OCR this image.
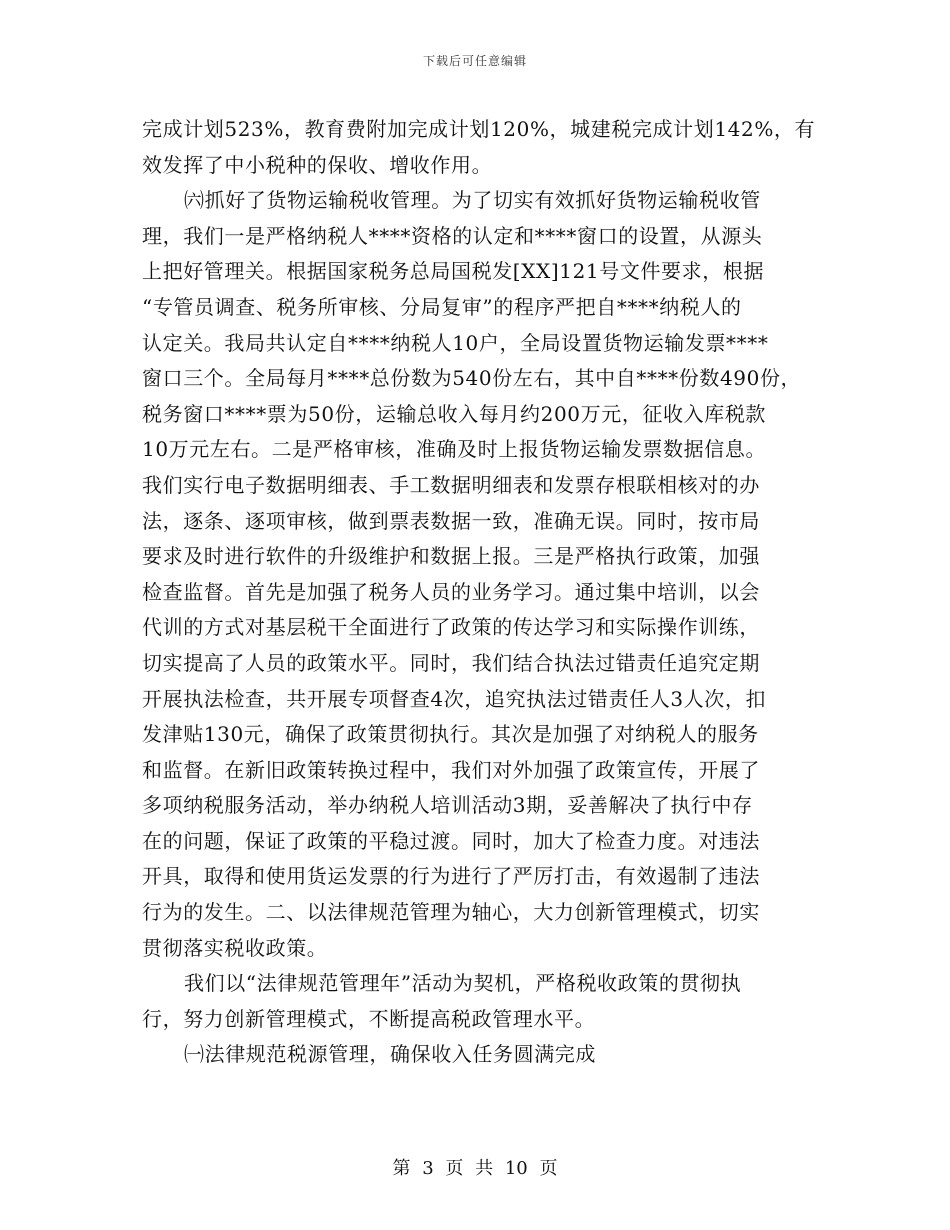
下载后可任意编辑
完成计划523%，教育费附加完成计划120%，城建税完成计划142%，有
效发挥了中小税种的保收、增收作用。
㈥抓好了货物运输税收管理。为了切实有效抓好货物运输税收管
理，我们一是严格纳税人****资格的认定和****窗口的设置，从源头
上把好管理关。根据国家税务总局国税发[XX]121号文件要求，根据
“专管员调查、税务所审核、分局复审”的程序严把自****纳税人的
认定关。我局共认定自****纳税人10户，全局设置货物运输发票****
窗口三个。全局每月****总份数为540份左右，其中自****份数490份，
税务窗口****票为50份，运输总收入每月约200万元，征收入库税款
10万元左右。二是严格审核，准确及时上报货物运输发票数据信息。
我们实行电子数据明细表、手工数据明细表和发票存根联相核对的办
法，逐条、逐项审核，做到票表数据一致，准确无误。同时，按市局
要求及时进行软件的升级维护和数据上报。三是严格执行政策，加强
检查监督。首先是加强了税务人员的业务学习。通过集中培训，以会
代训的方式对基层税干全面进行了政策的传达学习和实际操作训练，
切实提高了人员的政策水平。同时，我们结合执法过错责任追究定期
开展执法检查，共开展专项督查4次，追究执法过错责任人3人次，扣
发津贴130元，确保了政策贯彻执行。其次是加强了对纳税人的服务
和监督。在新旧政策转换过程中，我们对外加强了政策宣传，开展了
多项纳税服务活动，举办纳税人培训活动3期，妥善解决了执行中存
在的问题，保证了政策的平稳过渡。同时，加大了检查力度。对违法
开具，取得和使用货运发票的行为进行了严厉打击，有效遏制了违法
行为的发生。二、以法律规范管理为轴心，大力创新管理模式，切实
贯彻落实税收政策。
我们以“法律规范管理年”活动为契机，严格税收政策的贯彻执
行，努力创新管理模式，不断提高税政管理水平。
㈠法律规范税源管理，确保收入任务圆满完成
第 3 页 共 10 页
